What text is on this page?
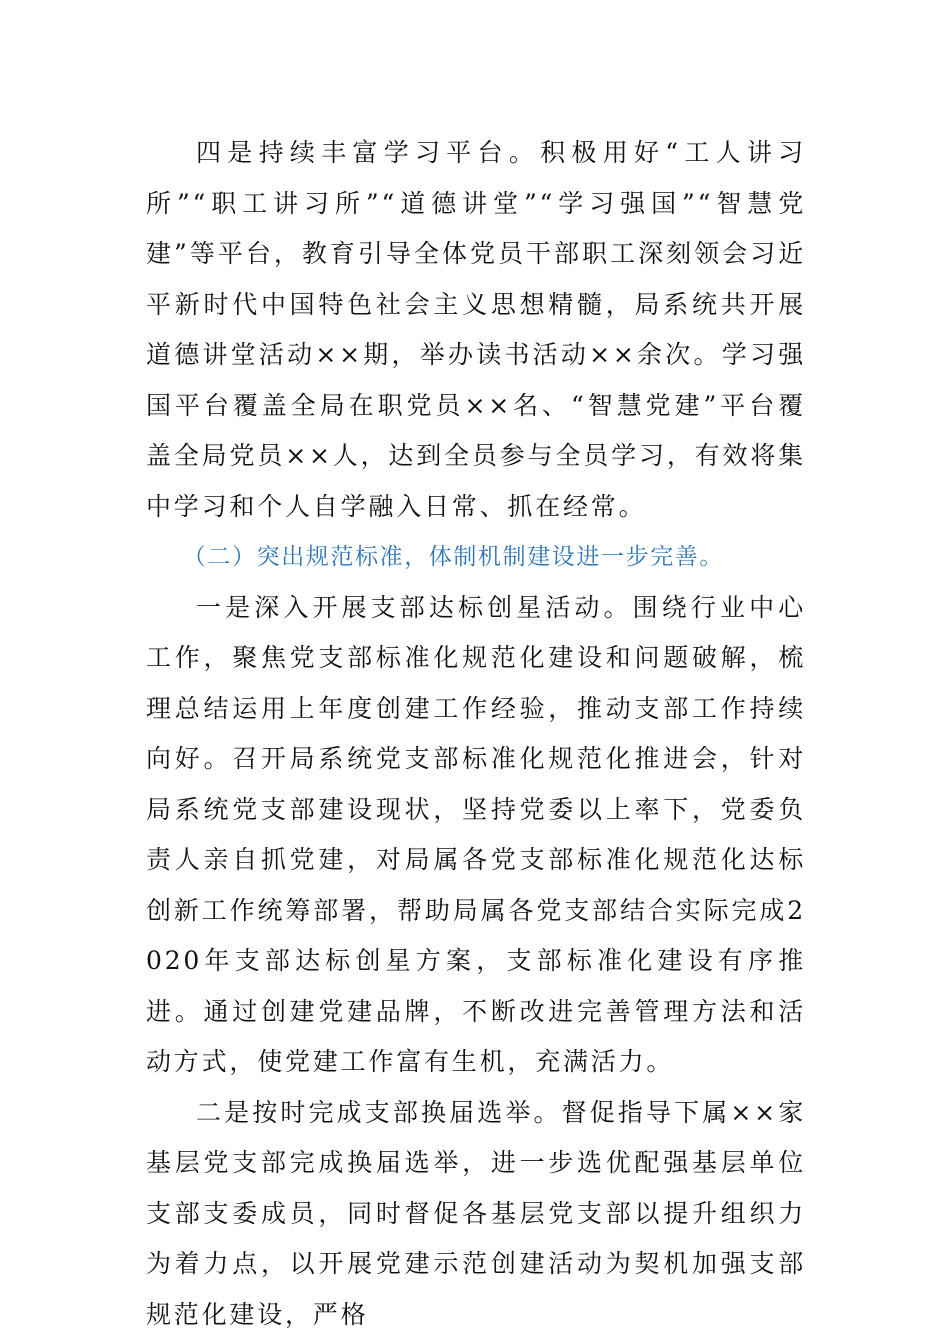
四是持续丰富学习平台。积极用好“工人讲习所”“职工讲习所”“道德讲堂”“学习强国”“智慧党建”等平台，教育引导全体党员干部职工深刻领会习近平新时代中国特色社会主义思想精髓，局系统共开展道德讲堂活动××期，举办读书活动××余次。学习强国平台覆盖全局在职党员××名、“智慧党建”平台覆盖全局党员××人，达到全员参与全员学习，有效将集中学习和个人自学融入日常、抓在经常。

（二）突出规范标准，体制机制建设进一步完善。

一是深入开展支部达标创星活动。围绕行业中心工作，聚焦党支部标准化规范化建设和问题破解，梳理总结运用上年度创建工作经验，推动支部工作持续向好。召开局系统党支部标准化规范化推进会，针对局系统党支部建设现状，坚持党委以上率下，党委负责人亲自抓党建，对局属各党支部标准化规范化达标创新工作统筹部署，帮助局属各党支部结合实际完成2020年支部达标创星方案，支部标准化建设有序推进。通过创建党建品牌，不断改进完善管理方法和活动方式，使党建工作富有生机，充满活力。

二是按时完成支部换届选举。督促指导下属××家基层党支部完成换届选举，进一步选优配强基层单位支部支委成员，同时督促各基层党支部以提升组织力为着力点，以开展党建示范创建活动为契机加强支部规范化建设，严格
